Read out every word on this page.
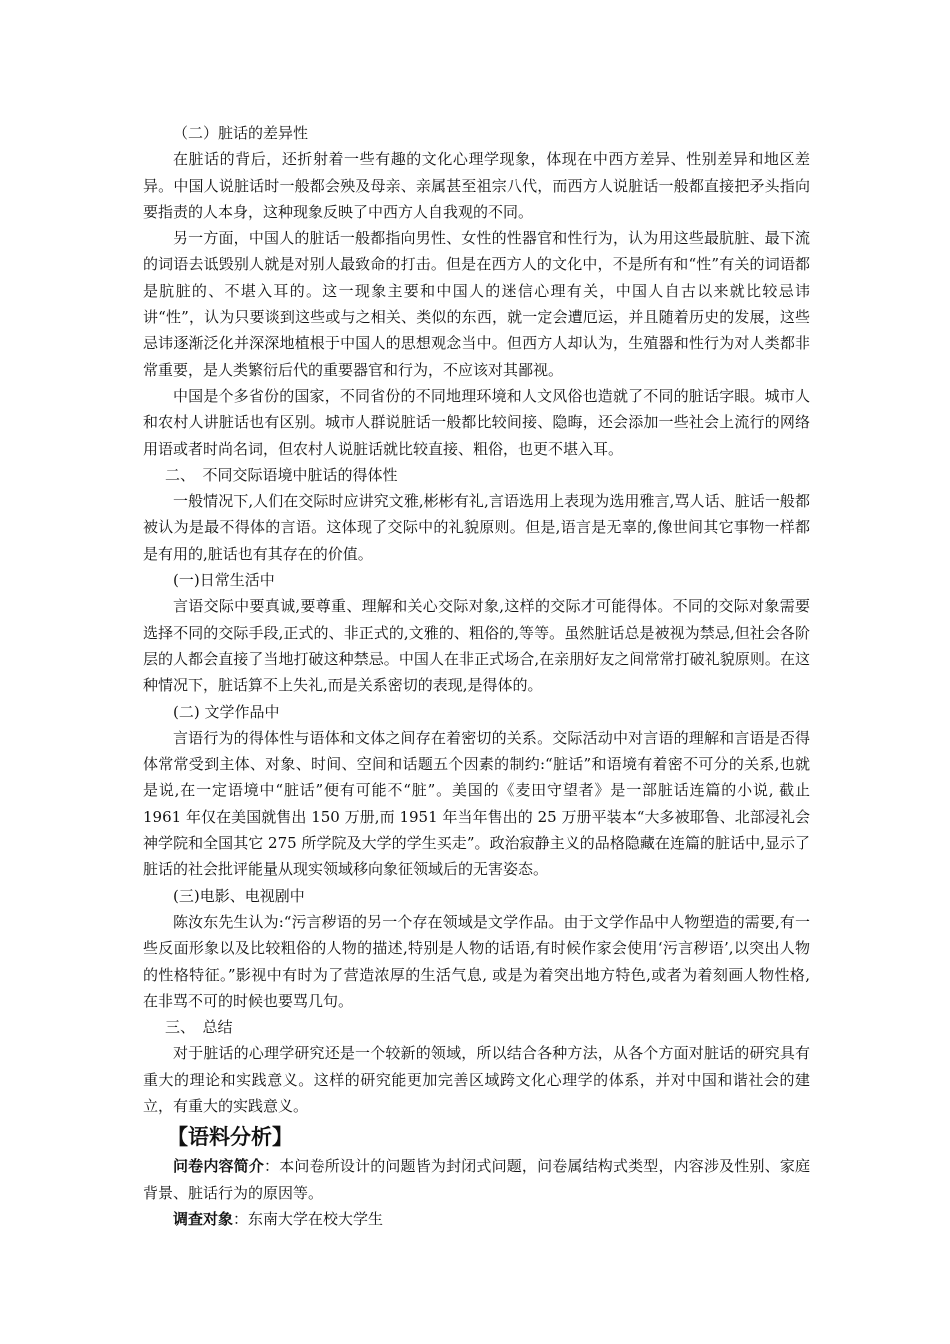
（二）脏话的差异性

在脏话的背后，还折射着一些有趣的文化心理学现象，体现在中西方差异、性别差异和地区差异。中国人说脏话时一般都会殃及母亲、亲属甚至祖宗八代，而西方人说脏话一般都直接把矛头指向要指责的人本身，这种现象反映了中西方人自我观的不同。

另一方面，中国人的脏话一般都指向男性、女性的性器官和性行为，认为用这些最肮脏、最下流的词语去诋毁别人就是对别人最致命的打击。但是在西方人的文化中，不是所有和“性”有关的词语都是肮脏的、不堪入耳的。这一现象主要和中国人的迷信心理有关，中国人自古以来就比较忌讳讲“性”，认为只要谈到这些或与之相关、类似的东西，就一定会遭厄运，并且随着历史的发展，这些忌讳逐渐泛化并深深地植根于中国人的思想观念当中。但西方人却认为，生殖器和性行为对人类都非常重要，是人类繁衍后代的重要器官和行为，不应该对其鄙视。

中国是个多省份的国家，不同省份的不同地理环境和人文风俗也造就了不同的脏话字眼。城市人和农村人讲脏话也有区别。城市人群说脏话一般都比较间接、隐晦，还会添加一些社会上流行的网络用语或者时尚名词，但农村人说脏话就比较直接、粗俗，也更不堪入耳。

二、　不同交际语境中脏话的得体性

一般情况下,人们在交际时应讲究文雅,彬彬有礼,言语选用上表现为选用雅言,骂人话、脏话一般都被认为是最不得体的言语。这体现了交际中的礼貌原则。但是,语言是无辜的,像世间其它事物一样都是有用的,脏话也有其存在的价值。

(一)日常生活中

言语交际中要真诚,要尊重、理解和关心交际对象,这样的交际才可能得体。不同的交际对象需要选择不同的交际手段,正式的、非正式的,文雅的、粗俗的,等等。虽然脏话总是被视为禁忌,但社会各阶层的人都会直接了当地打破这种禁忌。中国人在非正式场合,在亲朋好友之间常常打破礼貌原则。在这种情况下，脏话算不上失礼,而是关系密切的表现,是得体的。

(二) 文学作品中

言语行为的得体性与语体和文体之间存在着密切的关系。交际活动中对言语的理解和言语是否得体常常受到主体、对象、时间、空间和话题五个因素的制约:“脏话”和语境有着密不可分的关系,也就是说,在一定语境中“脏话”便有可能不“脏”。美国的《麦田守望者》是一部脏话连篇的小说, 截止 1961 年仅在美国就售出 150 万册,而 1951 年当年售出的 25 万册平装本“大多被耶鲁、北部浸礼会神学院和全国其它 275 所学院及大学的学生买走”。政治寂静主义的品格隐藏在连篇的脏话中,显示了脏话的社会批评能量从现实领域移向象征领域后的无害姿态。

(三)电影、电视剧中

陈汝东先生认为:“污言秽语的另一个存在领域是文学作品。由于文学作品中人物塑造的需要,有一些反面形象以及比较粗俗的人物的描述,特别是人物的话语,有时候作家会使用‘污言秽语’,以突出人物的性格特征。”影视中有时为了营造浓厚的生活气息, 或是为着突出地方特色,或者为着刻画人物性格, 在非骂不可的时候也要骂几句。

三、　总结

对于脏话的心理学研究还是一个较新的领域，所以结合各种方法，从各个方面对脏话的研究具有重大的理论和实践意义。这样的研究能更加完善区域跨文化心理学的体系，并对中国和谐社会的建立，有重大的实践意义。

【语料分析】

问卷内容简介：本问卷所设计的问题皆为封闭式问题，问卷属结构式类型，内容涉及性别、家庭背景、脏话行为的原因等。

调查对象：东南大学在校大学生
